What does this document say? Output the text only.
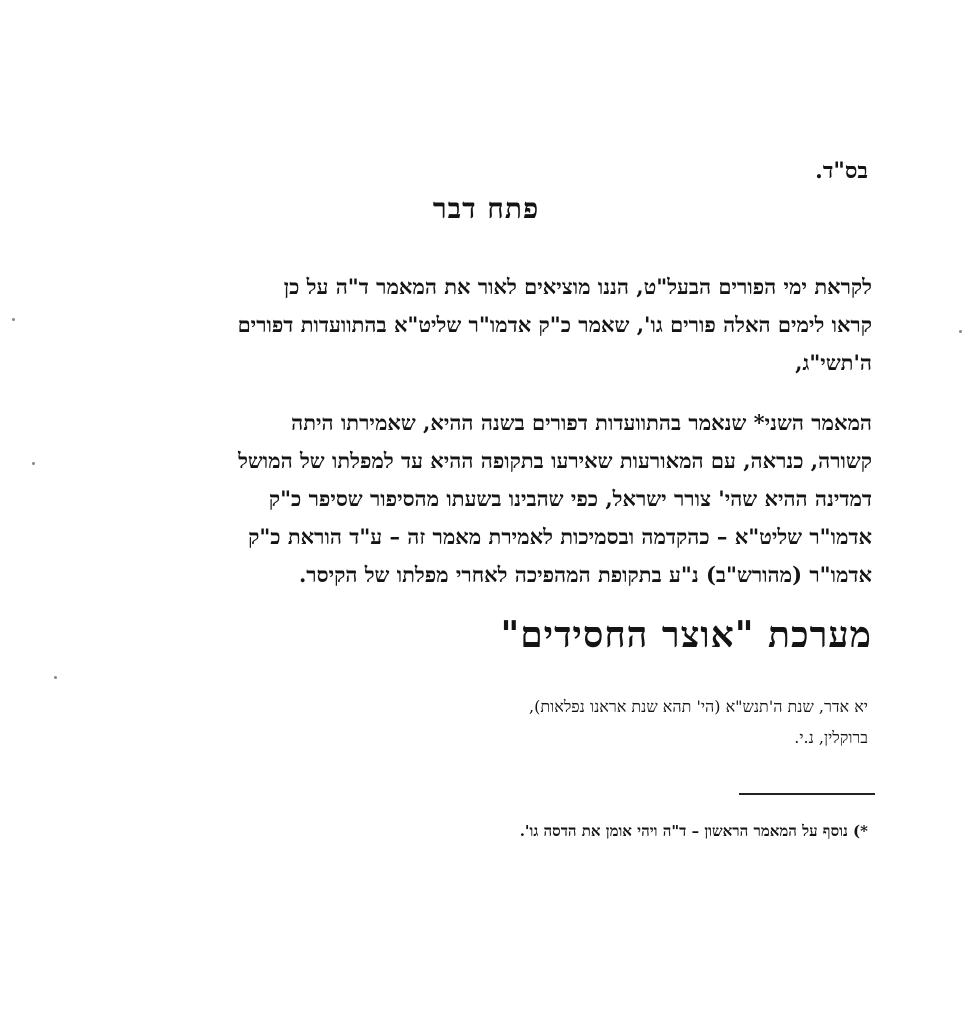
בס"ד.
פתח דבר
לקראת ימי הפורים הבעל"ט, הננו מוציאים לאור את המאמר ד"ה על כן
קראו לימים האלה פורים גו', שאמר כ"ק אדמו"ר שליט"א בהתוועדות דפורים
ה'תשי"ג,
המאמר השני* שנאמר בהתוועדות דפורים בשנה ההיא, שאמירתו היתה
קשורה, כנראה, עם המאורעות שאירעו בתקופה ההיא עד למפלתו של המושל
דמדינה ההיא שהי' צורר ישראל, כפי שהבינו בשעתו מהסיפור שסיפר כ"ק
אדמו"ר שליט"א – כהקדמה ובסמיכות לאמירת מאמר זה – ע"ד הוראת כ"ק
אדמו"ר (מהורש"ב) נ"ע בתקופת המהפיכה לאחרי מפלתו של הקיסר.
מערכת "אוצר החסידים"
יא אדר, שנת ה'תנש"א (הי' תהא שנת אראנו נפלאות),
ברוקלין, נ.י.
*) נוסף על המאמר הראשון – ד"ה ויהי אומן את הדסה גו'.
